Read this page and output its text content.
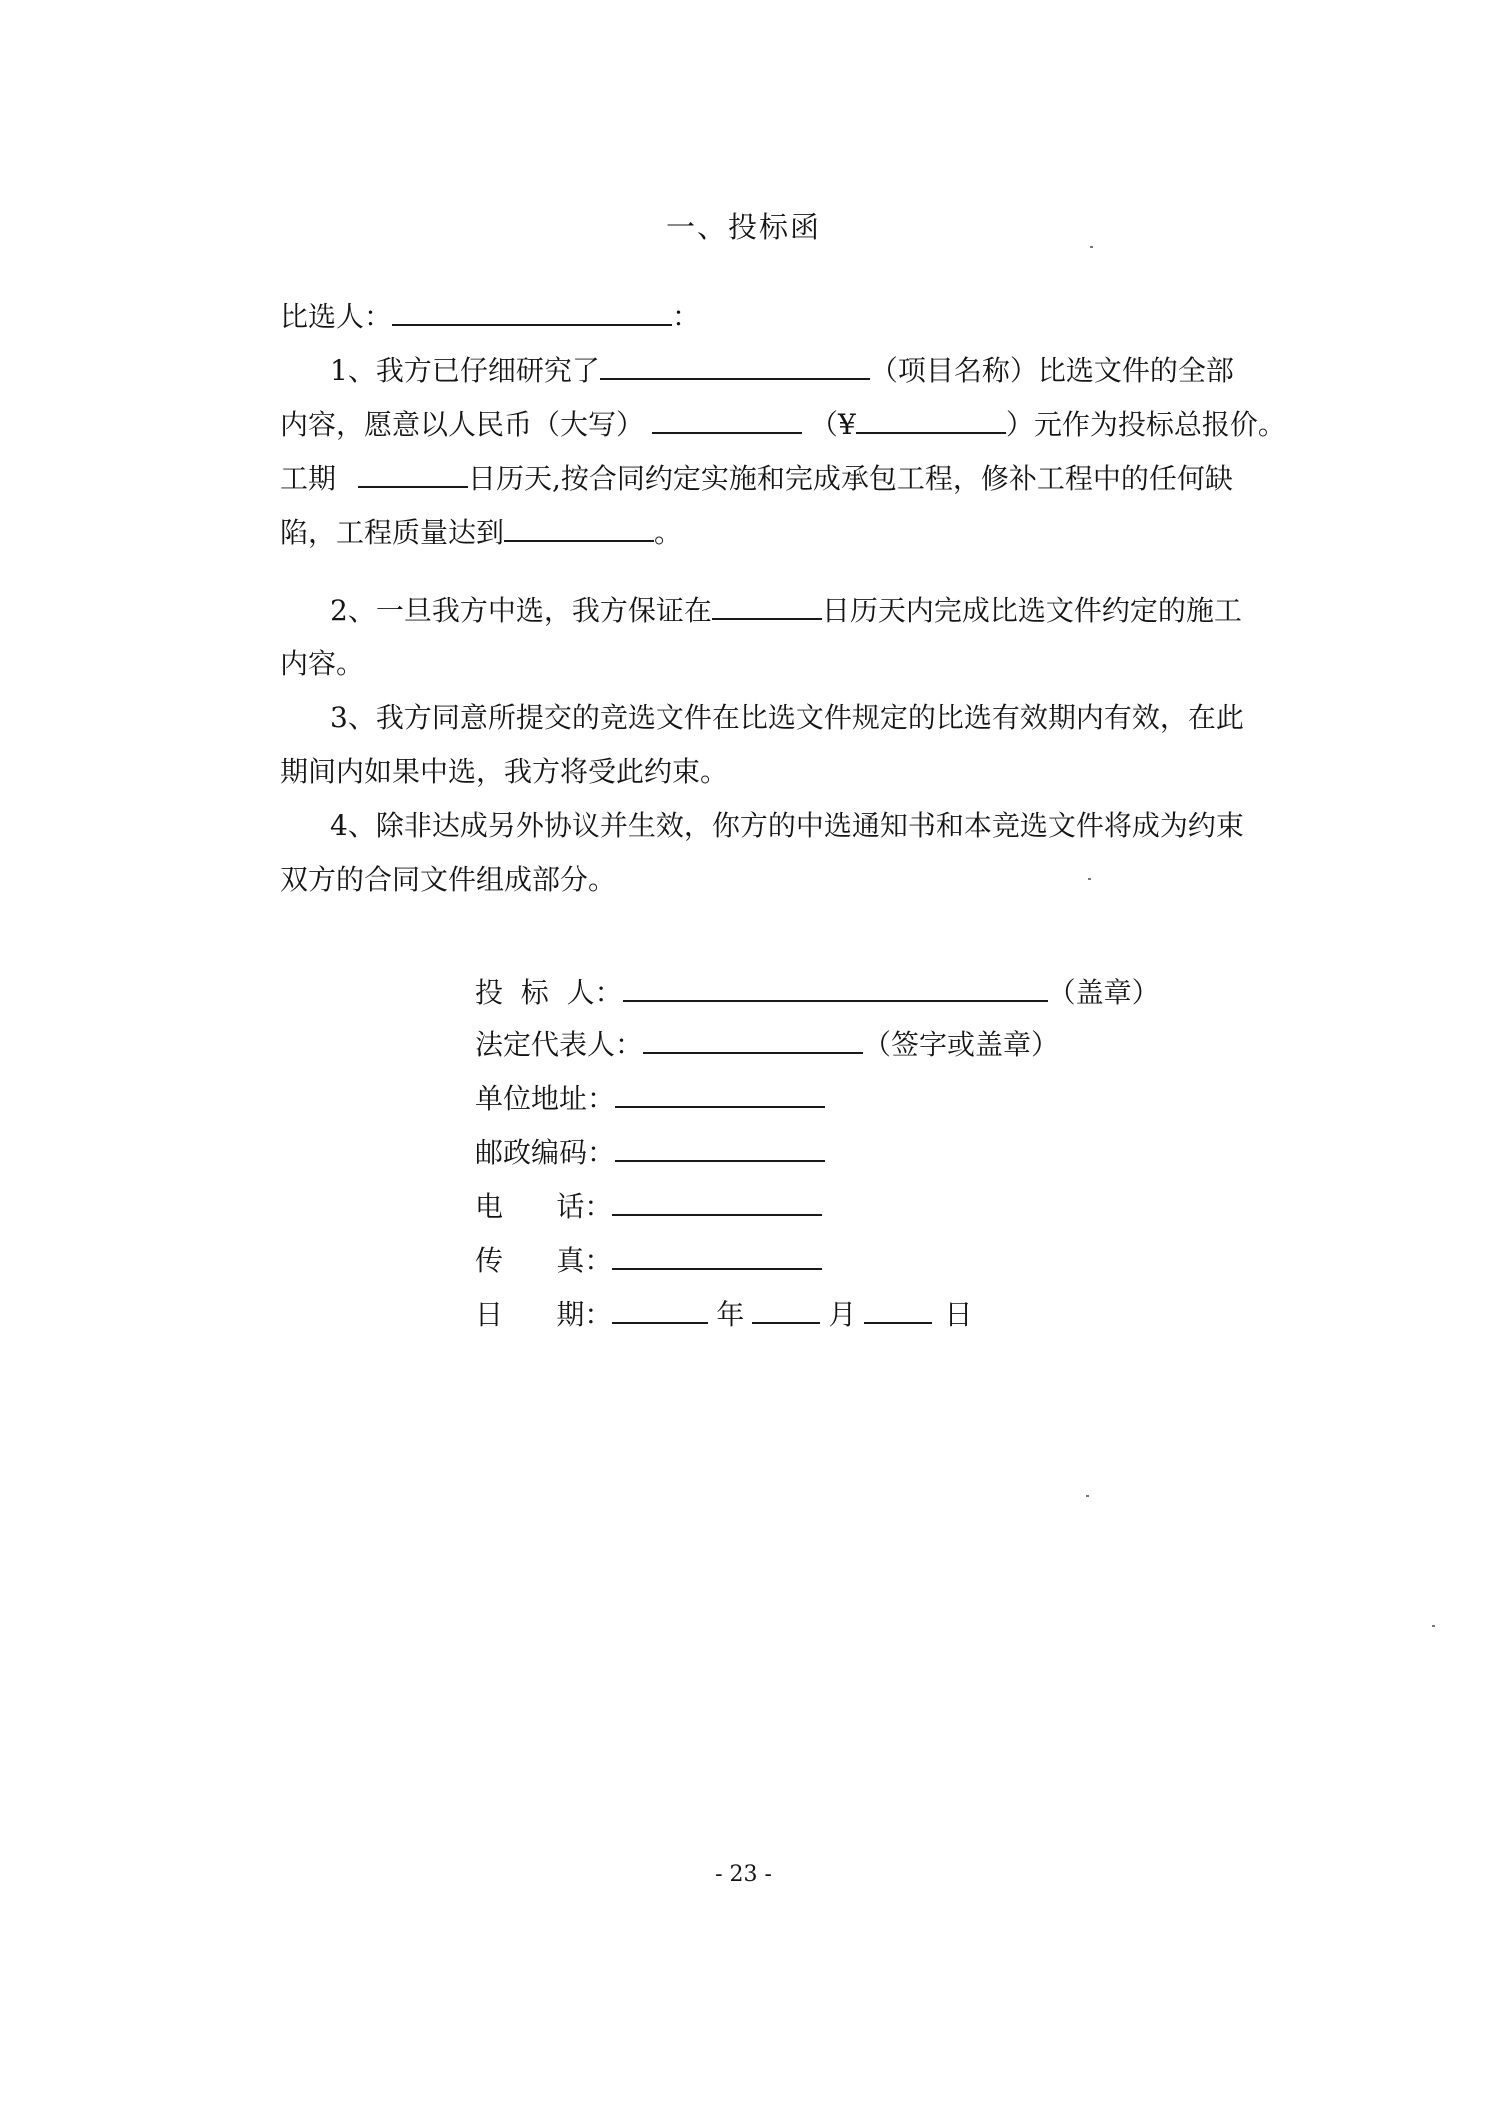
一、投标函
比选人：	：
1、我方已仔细研究了	（项目名称）比选文件的全部
内容，愿意以人民币（大写）	（¥	）元作为投标总报价。
工期	日历天,按合同约定实施和完成承包工程，修补工程中的任何缺
陷，工程质量达到	。
2、一旦我方中选，我方保证在	日历天内完成比选文件约定的施工
内容。
3、我方同意所提交的竞选文件在比选文件规定的比选有效期内有效，在此
期间内如果中选，我方将受此约束。
4、除非达成另外协议并生效，你方的中选通知书和本竞选文件将成为约束
双方的合同文件组成部分。
投  标  人：	（盖章）
法定代表人：	（签字或盖章）
单位地址：
邮政编码：
电      话：
传      真：
日      期：	年	月	日
- 23 -
